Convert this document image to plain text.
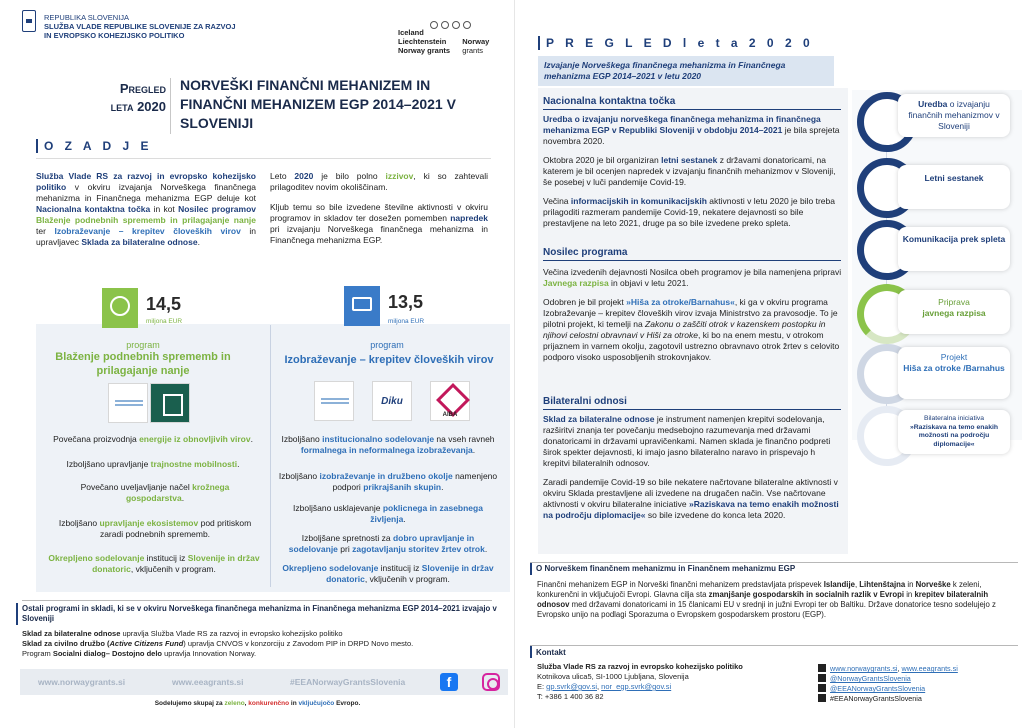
REPUBLIKA SLOVENIJA
SLUŽBA VLADE REPUBLIKE SLOVENIJE ZA RAZVOJ
IN EVROPSKO KOHEZIJSKO POLITIKO	Iceland
Liechtenstein
Norway grants

Norway
grants
Pregled
leta 2020
NORVEŠKI FINANČNI MEHANIZEM IN FINANČNI MEHANIZEM EGP 2014–2021 V SLOVENIJI
O Z A D J E

Služba Vlade RS za razvoj in evropsko kohezijsko politiko v okviru izvajanja Norveškega finančnega mehanizma in Finančnega mehanizma EGP deluje kot Nacionalna kontaktna točka in kot Nosilec programov Blaženje podnebnih sprememb in prilagajanje nanje ter Izobraževanje – krepitev človeških virov in upravljavec Sklada za bilateralne odnose.

Leto 2020 je bilo polno izzivov, ki so zahtevali prilagoditev novim okoliščinam.

Kljub temu so bile izvedene številne aktivnosti v okviru programov in skladov ter dosežen pomemben napredek pri izvajanju Norveškega finančnega mehanizma in Finančnega mehanizma EGP.

14,5
miljona EUR
program
Blaženje podnebnih sprememb in prilagajanje nanje
Povečana proizvodnja energije iz obnovljivih virov.
Izboljšano upravljanje trajnostne mobilnosti.
Povečano uveljavljanje načel krožnega gospodarstva.
Izboljšano upravljanje ekosistemov pod pritiskom zaradi podnebnih sprememb.
Okrepljeno sodelovanje institucij iz Slovenije in držav donatoric, vključenih v program.
13,5
miljona EUR
program
Izobraževanje – krepitev človeških virov
Diku
AIBA
Izboljšano institucionalno sodelovanje na vseh ravneh formalnega in neformalnega izobraževanja.
Izboljšano izobraževanje in družbeno okolje namenjeno podpori prikrajšanih skupin.
Izboljšano usklajevanje poklicnega in zasebnega življenja.
Izboljšane spretnosti za dobro upravljanje in sodelovanje pri zagotavljanju storitev žrtev otrok.
Okrepljeno sodelovanje institucij iz Slovenije in držav donatoric, vključenih v program.
Ostali programi in skladi, ki se v okviru Norveškega finančnega mehanizma in Finančnega mehanizma EGP 2014–2021 izvajajo v Sloveniji
Sklad za bilateralne odnose upravlja Služba Vlade RS za razvoj in evropsko kohezijsko politiko
Sklad za civilno družbo (Active Citizens Fund) upravlja CNVOS v konzorciju z Zavodom PIP in DRPD Novo mesto.
Program Socialni dialog– Dostojno delo upravlja Innovation Norway.
www.norwaygrants.si	www.eeagrants.si	#EEANorwayGrantsSlovenia	f
Sodelujemo skupaj za zeleno, konkurenčno in vključujočo Evropo.
P R E G L E D l e t a 2 0 2 0
Izvajanje Norveškega finančnega mehanizma in Finančnega mehanizma EGP 2014–2021 v letu 2020
Nacionalna kontaktna točka

Uredba o izvajanju norveškega finančnega mehanizma in finančnega mehanizma EGP v Republiki Sloveniji v obdobju 2014–2021 je bila sprejeta novembra 2020.

Oktobra 2020 je bil organiziran letni sestanek z državami donatoricami, na katerem je bil ocenjen napredek v izvajanju finančnih mehanizmov v Sloveniji, še posebej v luči pandemije Covid-19.

Večina informacijskih in komunikacijskih aktivnosti v letu 2020 je bilo treba prilagoditi razmeram pandemije Covid-19, nekatere dejavnosti so bile prestavljene na leto 2021, druge pa so bile izvedene preko spleta.

Nosilec programa

Večina izvedenih dejavnosti Nosilca obeh programov je bila namenjena pripravi Javnega razpisa in objavi v letu 2021.

Odobren je bil projekt »Hiša za otroke/Barnahus«, ki ga v okviru programa Izobraževanje – krepitev človeških virov izvaja Ministrstvo za pravosodje. To je pilotni projekt, ki temelji na Zakonu o zaščiti otrok v kazenskem postopku in njihovi celostni obravnavi v Hiši za otroke, ki bo na enem mestu, v otrokom prijaznem in varnem okolju, zagotovil ustrezno obravnavo otrok žrtev s celovito podporo visoko usposobljenih strokovnjakov.

Bilateralni odnosi

Sklad za bilateralne odnose je instrument namenjen krepitvi sodelovanja, razširitvi znanja ter povečanju medsebojno razumevanja med državami donatoricami in državami upravičenkami. Namen sklada je finančno podpreti širok spekter dejavnosti, ki imajo jasno bilateralno naravo in prispevajo h krepitvi bilateralnih odnosov.

Zaradi pandemije Covid-19 so bile nekatere načrtovane bilateralne aktivnosti v okviru Sklada prestavljene ali izvedene na drugačen način. Vse načrtovane aktivnosti v okviru bilateralne iniciative »Raziskava na temo enakih možnosti na področju diplomacije« so bile izvedene do konca leta 2020.

Uredba o izvajanju finančnih mehanizmov v Sloveniji
Letni sestanek
Komunikacija prek spleta
Priprava
javnega razpisa
Projekt
Hiša za otroke /Barnahus
Bilateralna iniciativa
»Raziskava na temo enakih možnosti na področju diplomacije«
O Norveškem finančnem mehanizmu in Finančnem mehanizmu EGP
Finančni mehanizem EGP in Norveški finančni mehanizem predstavljata prispevek Islandije, Lihtenštajna in Norveške k zeleni, konkurenčni in vključujoči Evropi. Glavna cilja sta zmanjšanje gospodarskih in socialnih razlik v Evropi in krepitev bilateralnih odnosov med državami donatoricami in 15 članicami EU v srednji in južni Evropi ter ob Baltiku. Države donatorice tesno sodelujejo z Evropsko unijo na podlagi Sporazuma o Evropskem gospodarskem prostoru (EGP).
Kontakt
Služba Vlade RS za razvoj in evropsko kohezijsko politiko
Kotnikova ulica5, SI-1000 Ljubljana, Slovenija
E: gp.svrk@gov.si, nor_egp.svrk@gov.si
T: +386 1 400 36 82
www.norwaygrants.si, www.eeagrants.si
@NorwayGrantsSlovenia
@EEANorwayGrantsSlovenia
#EEANorwayGrantsSlovenia
